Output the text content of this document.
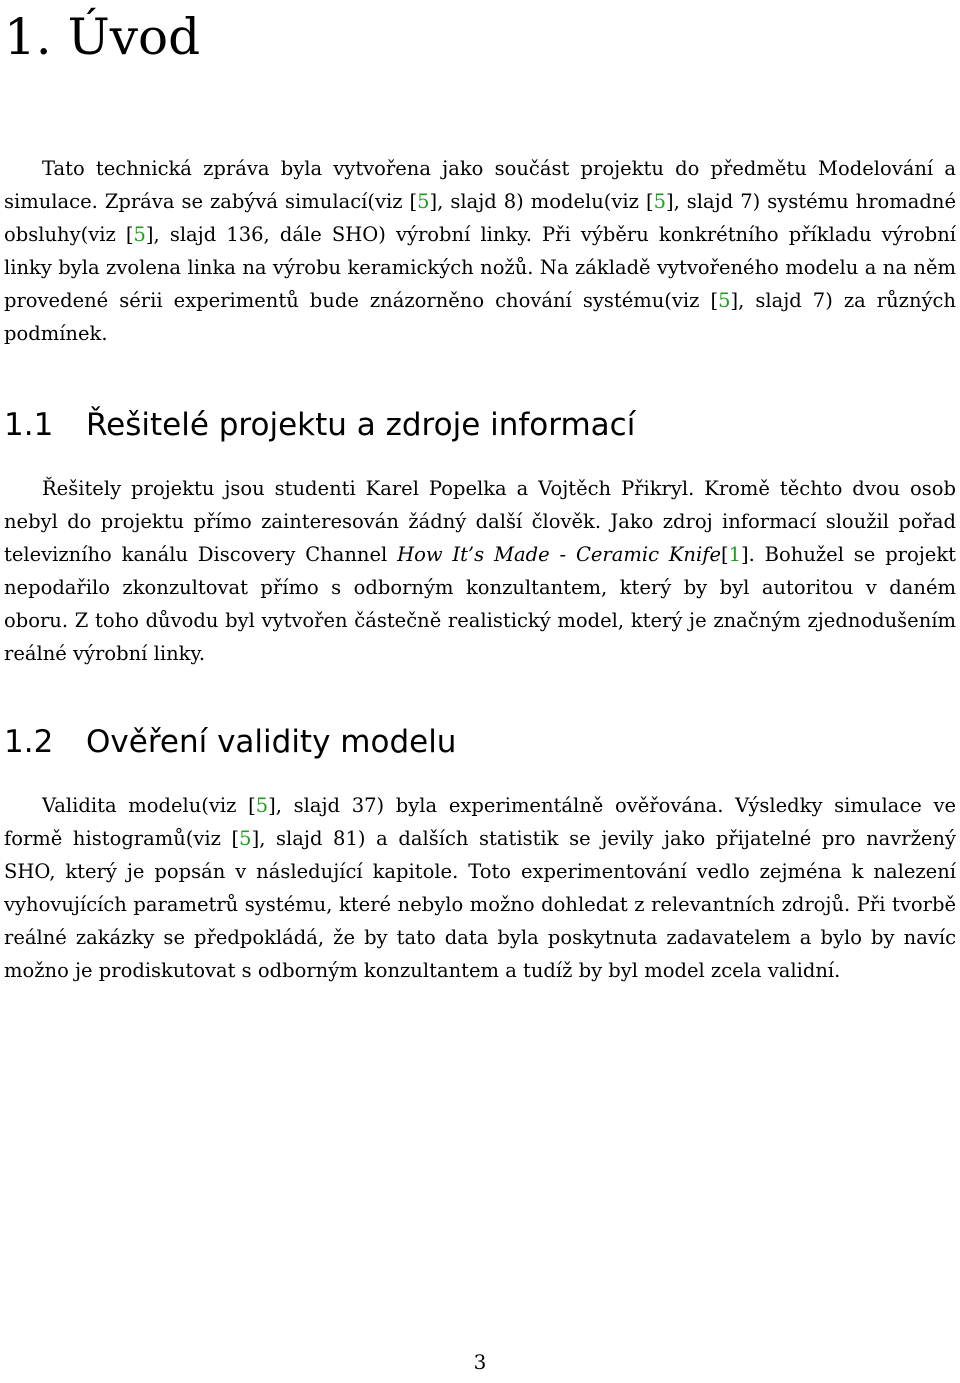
1. Úvod

Tato technická zpráva byla vytvořena jako součást projektu do předmětu Modelování a simulace. Zpráva se zabývá simulací(viz [5], slajd 8) modelu(viz [5], slajd 7) systému hromadné obsluhy(viz [5], slajd 136, dále SHO) výrobní linky. Při výběru konkrétního příkladu výrobní linky byla zvolena linka na výrobu keramických nožů. Na základě vytvořeného modelu a na něm provedené sérii experimentů bude znázorněno chování systému(viz [5], slajd 7) za různých podmínek.

1.1 Řešitelé projektu a zdroje informací

Řešitely projektu jsou studenti Karel Popelka a Vojtěch Přikryl. Kromě těchto dvou osob nebyl do projektu přímo zainteresován žádný další člověk. Jako zdroj informací sloužil pořad televizního kanálu Discovery Channel How It’s Made - Ceramic Knife[1]. Bohužel se projekt nepodařilo zkonzultovat přímo s odborným konzultantem, který by byl autoritou v daném oboru. Z toho důvodu byl vytvořen částečně realistický model, který je značným zjednodušením reálné výrobní linky.

1.2 Ověření validity modelu

Validita modelu(viz [5], slajd 37) byla experimentálně ověřována. Výsledky simulace ve formě histogramů(viz [5], slajd 81) a dalších statistik se jevily jako přijatelné pro navržený SHO, který je popsán v následující kapitole. Toto experimentování vedlo zejména k nalezení vyhovujících parametrů systému, které nebylo možno dohledat z relevantních zdrojů. Při tvorbě reálné zakázky se předpokládá, že by tato data byla poskytnuta zadavatelem a bylo by navíc možno je prodiskutovat s odborným konzultantem a tudíž by byl model zcela validní.

3
